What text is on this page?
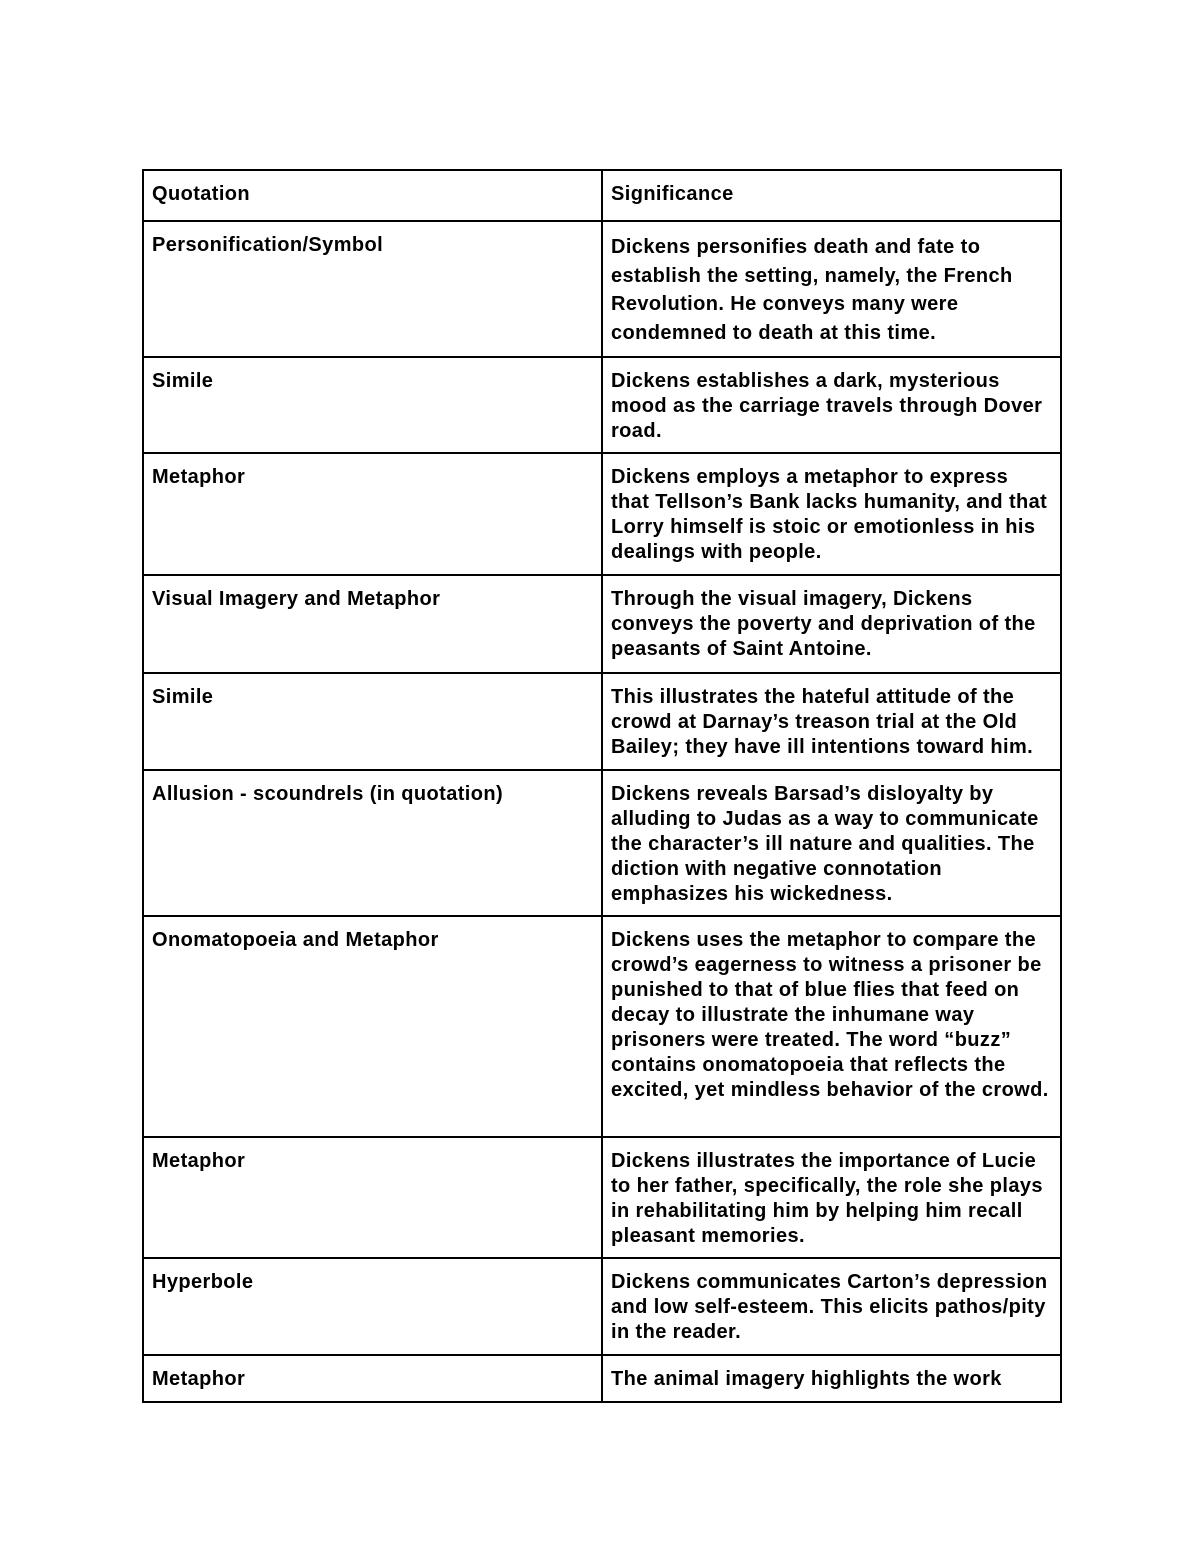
Quotation	Significance
Personification/Symbol	Dickens personifies death and fate to establish the setting, namely, the French Revolution. He conveys many were condemned to death at this time.
Simile	Dickens establishes a dark, mysterious mood as the carriage travels through Dover road.
Metaphor	Dickens employs a metaphor to express that Tellson’s Bank lacks humanity, and that Lorry himself is stoic or emotionless in his dealings with people.
Visual Imagery and Metaphor	Through the visual imagery, Dickens conveys the poverty and deprivation of the peasants of Saint Antoine.
Simile	This illustrates the hateful attitude of the crowd at Darnay’s treason trial at the Old Bailey; they have ill intentions toward him.
Allusion - scoundrels (in quotation)	Dickens reveals Barsad’s disloyalty by alluding to Judas as a way to communicate the character’s ill nature and qualities. The diction with negative connotation emphasizes his wickedness.
Onomatopoeia and Metaphor	Dickens uses the metaphor to compare the crowd’s eagerness to witness a prisoner be punished to that of blue flies that feed on decay to illustrate the inhumane way prisoners were treated. The word “buzz” contains onomatopoeia that reflects the excited, yet mindless behavior of the crowd.
Metaphor	Dickens illustrates the importance of Lucie to her father, specifically, the role she plays in rehabilitating him by helping him recall pleasant memories.
Hyperbole	Dickens communicates Carton’s depression and low self-esteem. This elicits pathos/pity in the reader.
Metaphor	The animal imagery highlights the work
